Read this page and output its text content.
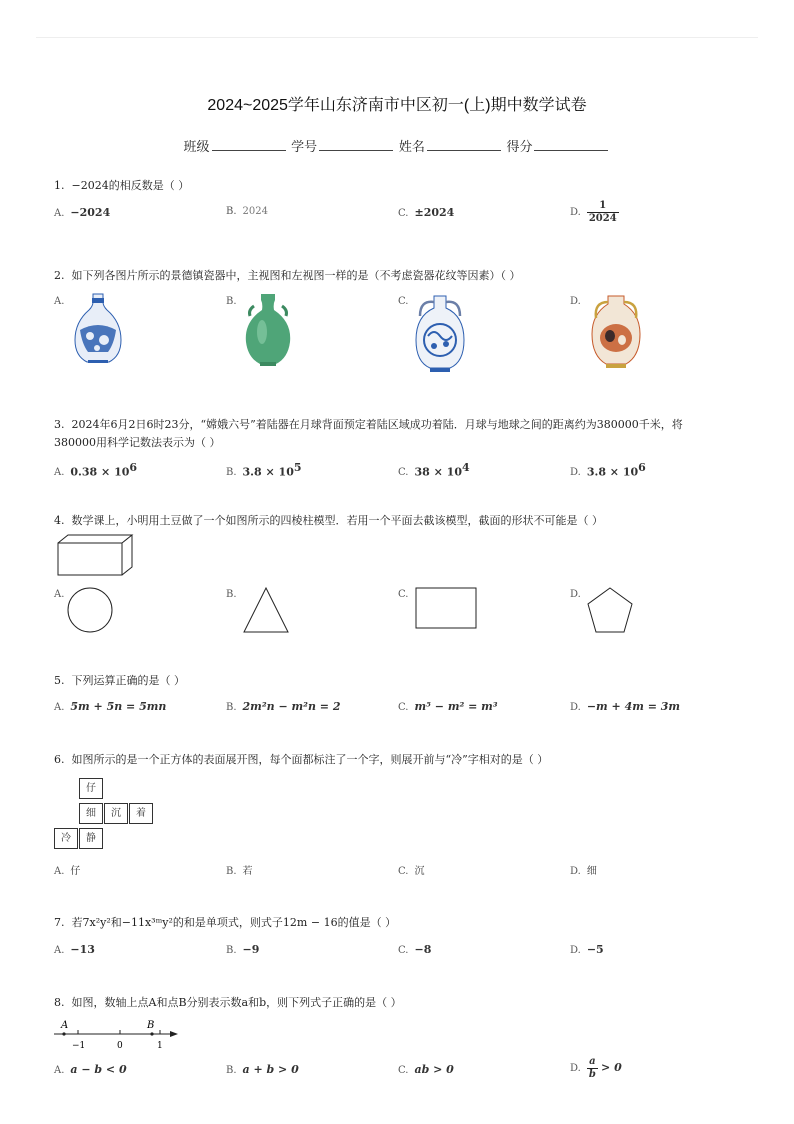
2024~2025学年山东济南市中区初一(上)期中数学试卷
班级	学号	姓名	得分
1. −2024的相反数是（ ）
A. −2024	B. 2024	C. ±2024	D. $\frac{1}{2024}$
2. 如下列各图片所示的景德镇瓷器中，主视图和左视图一样的是（不考虑瓷器花纹等因素）（ ）
A.	B.	C.	D.
3. 2024年6月2日6时23分，“嫦娥六号”着陆器在月球背面预定着陆区域成功着陆．月球与地球之间的距离约为380000千米，将
380000用科学记数法表示为（ ）
A. $0.38 \times 10^6$	B. $3.8 \times 10^5$	C. $38 \times 10^4$	D. $3.8 \times 10^6$
4. 数学课上，小明用土豆做了一个如图所示的四棱柱模型．若用一个平面去截该模型，截面的形状不可能是（ ）
A.	B.	C.	D.
5. 下列运算正确的是（ ）
A. 5m + 5n = 5mn	B. 2m²n − m²n = 2	C. m⁵ − m² = m³	D. −m + 4m = 3m
6. 如图所示的是一个正方体的表面展开图，每个面都标注了一个字，则展开前与“冷”字相对的是（ ）
仔
细	沉	着
冷	静
A. 仔	B. 若	C. 沉	D. 细
7. 若7x²y²和−11x³ᵐy²的和是单项式，则式子12m − 16的值是（ ）
A. −13	B. −9	C. −8	D. −5
8. 如图，数轴上点A和点B分别表示数a和b，则下列式子正确的是（ ）
A	B
−1	0	1
A. a − b < 0	B. a + b > 0	C. ab > 0	D. $\frac{a}{b} > 0$
